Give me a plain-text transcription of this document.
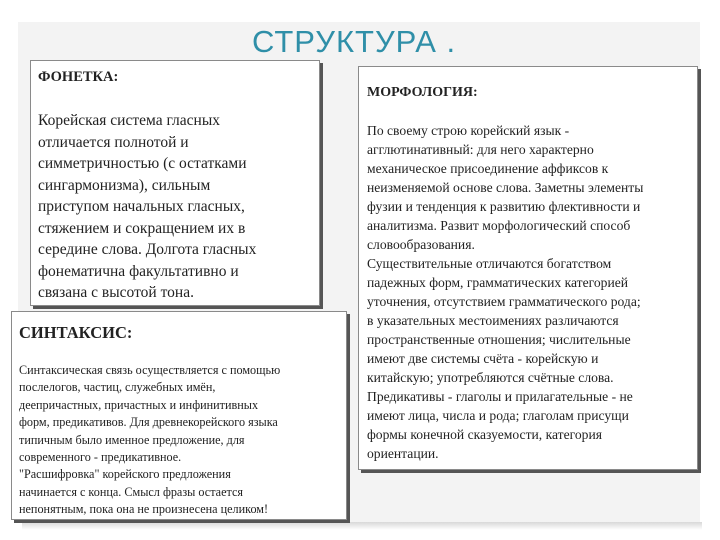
СТРУКТУРА .

ФОНЕТКА:

Корейская система гласных
отличается полнотой и
симметричностью (с остатками
сингармонизма), сильным
приступом начальных гласных,
стяжением и сокращением их в
середине слова. Долгота гласных
фонематична факультативно и
связана с высотой тона.

СИНТАКСИС:

Синтаксическая связь осуществляется с помощью
послелогов, частиц, служебных имён,
деепричастных, причастных и инфинитивных
форм, предикативов. Для древнекорейского языка
типичным было именное предложение, для
современного - предикативное.
"Расшифровка" корейского предложения
начинается с конца. Смысл фразы остается
непонятным, пока она не произнесена целиком!

МОРФОЛОГИЯ:

По своему строю корейский язык -
агглютинативный: для него характерно
механическое присоединение аффиксов к
неизменяемой основе слова. Заметны элементы
фузии и тенденция к развитию флективности и
аналитизма. Развит морфологический способ
словообразования.
Существительные отличаются богатством
падежных форм, грамматических категорией
уточнения, отсутствием грамматического рода;
в указательных местоимениях различаются
пространственные отношения; числительные
имеют две системы счёта - корейскую и
китайскую; употребляются счётные слова.
Предикативы - глаголы и прилагательные - не
имеют лица, числа и рода; глаголам присущи
формы конечной сказуемости, категория
ориентации.
